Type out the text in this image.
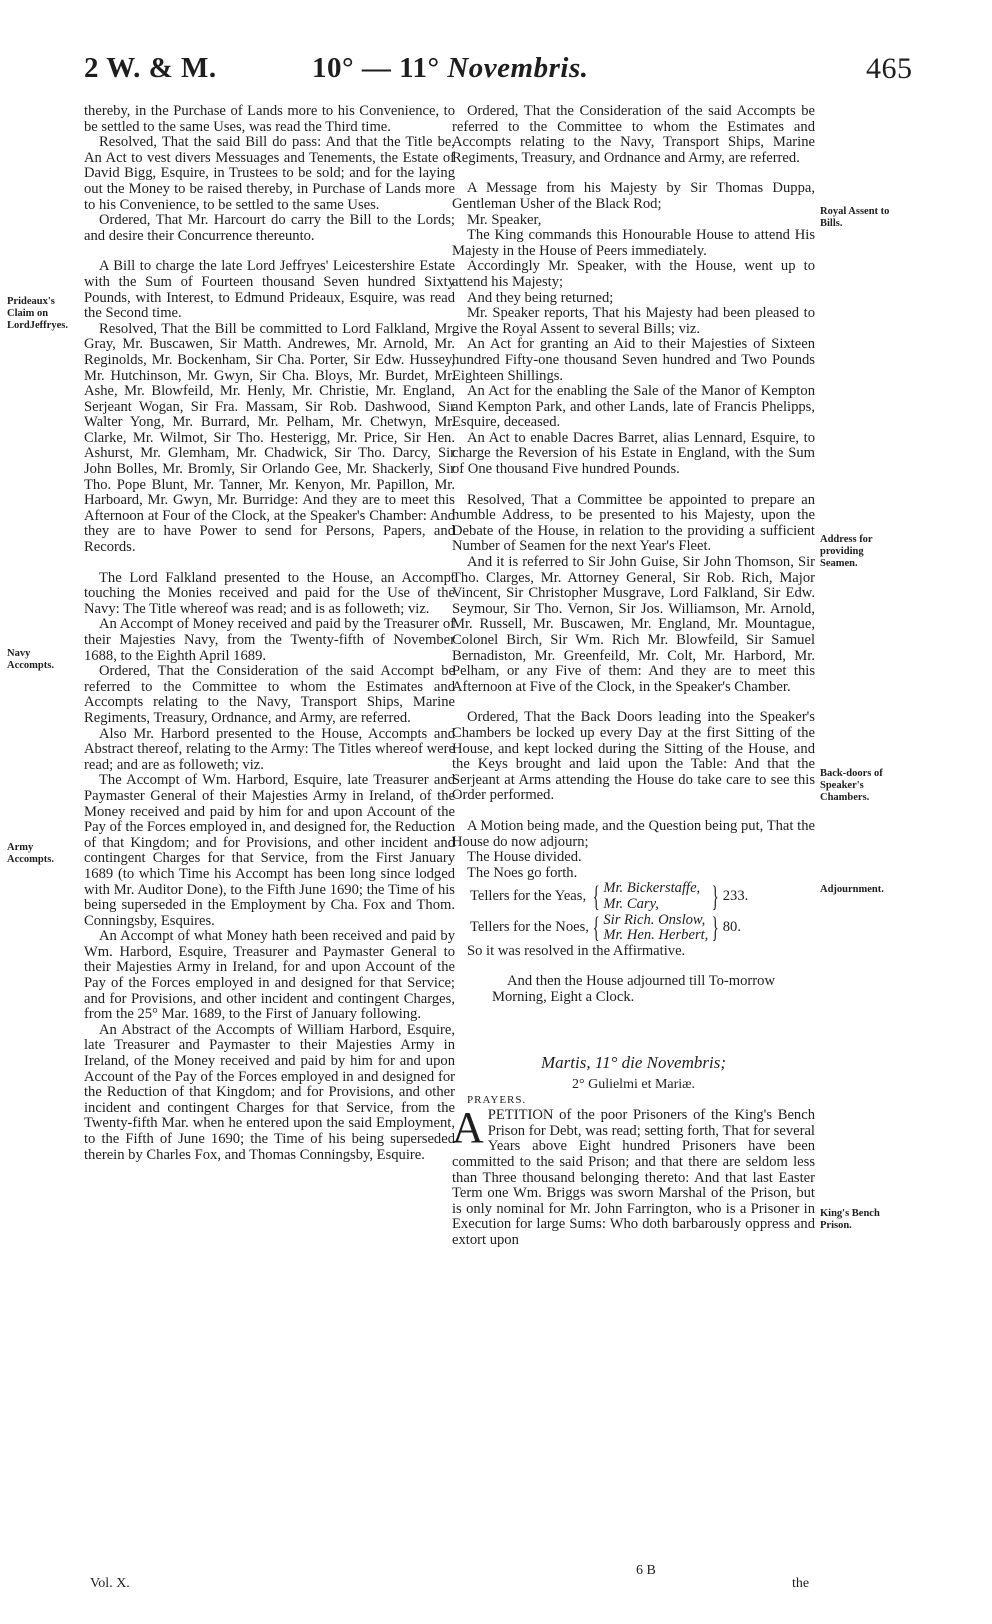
2 W. & M.	10° — 11° Novembris.	465
Prideaux's Claim on LordJeffryes.
Navy Accompts.
Army Accompts.
Royal Assent to Bills.
Address for providing Seamen.
Back-doors of Speaker's Chambers.
Adjournment.
King's Bench Prison.

thereby, in the Purchase of Lands more to his Convenience, to be settled to the same Uses, was read the Third time.

Resolved, That the said Bill do pass: And that the Title be, An Act to vest divers Messuages and Tenements, the Estate of David Bigg, Esquire, in Trustees to be sold; and for the laying out the Money to be raised thereby, in Purchase of Lands more to his Convenience, to be settled to the same Uses.

Ordered, That Mr. Harcourt do carry the Bill to the Lords; and desire their Concurrence thereunto.

A Bill to charge the late Lord Jeffryes' Leicestershire Estate with the Sum of Fourteen thousand Seven hundred Sixty Pounds, with Interest, to Edmund Prideaux, Esquire, was read the Second time.

Resolved, That the Bill be committed to Lord Falkland, Mr. Gray, Mr. Buscawen, Sir Matth. Andrewes, Mr. Arnold, Mr. Reginolds, Mr. Bockenham, Sir Cha. Porter, Sir Edw. Hussey, Mr. Hutchinson, Mr. Gwyn, Sir Cha. Bloys, Mr. Burdet, Mr. Ashe, Mr. Blowfeild, Mr. Henly, Mr. Christie, Mr. England, Serjeant Wogan, Sir Fra. Massam, Sir Rob. Dashwood, Sir Walter Yong, Mr. Burrard, Mr. Pelham, Mr. Chetwyn, Mr. Clarke, Mr. Wilmot, Sir Tho. Hesterigg, Mr. Price, Sir Hen. Ashurst, Mr. Glemham, Mr. Chadwick, Sir Tho. Darcy, Sir John Bolles, Mr. Bromly, Sir Orlando Gee, Mr. Shackerly, Sir Tho. Pope Blunt, Mr. Tanner, Mr. Kenyon, Mr. Papillon, Mr. Harboard, Mr. Gwyn, Mr. Burridge: And they are to meet this Afternoon at Four of the Clock, at the Speaker's Chamber: And they are to have Power to send for Persons, Papers, and Records.

The Lord Falkland presented to the House, an Accompt touching the Monies received and paid for the Use of the Navy: The Title whereof was read; and is as followeth; viz.

An Accompt of Money received and paid by the Treasurer of their Majesties Navy, from the Twenty-fifth of November 1688, to the Eighth April 1689.

Ordered, That the Consideration of the said Accompt be referred to the Committee to whom the Estimates and Accompts relating to the Navy, Transport Ships, Marine Regiments, Treasury, Ordnance, and Army, are referred.

Also Mr. Harbord presented to the House, Accompts and Abstract thereof, relating to the Army: The Titles whereof were read; and are as followeth; viz.

The Accompt of Wm. Harbord, Esquire, late Treasurer and Paymaster General of their Majesties Army in Ireland, of the Money received and paid by him for and upon Account of the Pay of the Forces employed in, and designed for, the Reduction of that Kingdom; and for Provisions, and other incident and contingent Charges for that Service, from the First January 1689 (to which Time his Accompt has been long since lodged with Mr. Auditor Done), to the Fifth June 1690; the Time of his being superseded in the Employment by Cha. Fox and Thom. Conningsby, Esquires.

An Accompt of what Money hath been received and paid by Wm. Harbord, Esquire, Treasurer and Paymaster General to their Majesties Army in Ireland, for and upon Account of the Pay of the Forces employed in and designed for that Service; and for Provisions, and other incident and contingent Charges, from the 25° Mar. 1689, to the First of January following.

An Abstract of the Accompts of William Harbord, Esquire, late Treasurer and Paymaster to their Majesties Army in Ireland, of the Money received and paid by him for and upon Account of the Pay of the Forces employed in and designed for the Reduction of that Kingdom; and for Provisions, and other incident and contingent Charges for that Service, from the Twenty-fifth Mar. when he entered upon the said Employment, to the Fifth of June 1690; the Time of his being superseded therein by Charles Fox, and Thomas Conningsby, Esquire.

Ordered, That the Consideration of the said Accompts be referred to the Committee to whom the Estimates and Accompts relating to the Navy, Transport Ships, Marine Regiments, Treasury, and Ordnance and Army, are referred.

A Message from his Majesty by Sir Thomas Duppa, Gentleman Usher of the Black Rod;

Mr. Speaker,

The King commands this Honourable House to attend His Majesty in the House of Peers immediately.

Accordingly Mr. Speaker, with the House, went up to attend his Majesty;

And they being returned;

Mr. Speaker reports, That his Majesty had been pleased to give the Royal Assent to several Bills; viz.

An Act for granting an Aid to their Majesties of Sixteen hundred Fifty-one thousand Seven hundred and Two Pounds Eighteen Shillings.

An Act for the enabling the Sale of the Manor of Kempton and Kempton Park, and other Lands, late of Francis Phelipps, Esquire, deceased.

An Act to enable Dacres Barret, alias Lennard, Esquire, to charge the Reversion of his Estate in England, with the Sum of One thousand Five hundred Pounds.

Resolved, That a Committee be appointed to prepare an humble Address, to be presented to his Majesty, upon the Debate of the House, in relation to the providing a sufficient Number of Seamen for the next Year's Fleet.

And it is referred to Sir John Guise, Sir John Thomson, Sir Tho. Clarges, Mr. Attorney General, Sir Rob. Rich, Major Vincent, Sir Christopher Musgrave, Lord Falkland, Sir Edw. Seymour, Sir Tho. Vernon, Sir Jos. Williamson, Mr. Arnold, Mr. Russell, Mr. Buscawen, Mr. England, Mr. Mountague, Colonel Birch, Sir Wm. Rich Mr. Blowfeild, Sir Samuel Bernadiston, Mr. Greenfeild, Mr. Colt, Mr. Harbord, Mr. Pelham, or any Five of them: And they are to meet this Afternoon at Five of the Clock, in the Speaker's Chamber.

Ordered, That the Back Doors leading into the Speaker's Chambers be locked up every Day at the first Sitting of the House, and kept locked during the Sitting of the House, and the Keys brought and laid upon the Table: And that the Serjeant at Arms attending the House do take care to see this Order performed.

A Motion being made, and the Question being put, That the House do now adjourn;

The House divided.

The Noes go forth.

Tellers for the Yeas,	{	Mr. Bickerstaffe,	}	233.
		Mr. Cary,		
Tellers for the Noes,	{	Sir Rich. Onslow,	}	80.
		Mr. Hen. Herbert,		

So it was resolved in the Affirmative.

And then the House adjourned till To-morrow Morning, Eight a Clock.

Martis, 11° die Novembris;
2° Gulielmi et Mariæ.

PRAYERS.

APETITION of the poor Prisoners of the King's Bench Prison for Debt, was read; setting forth, That for several Years above Eight hundred Prisoners have been committed to the said Prison; and that there are seldom less than Three thousand belonging thereto: And that last Easter Term one Wm. Briggs was sworn Marshal of the Prison, but is only nominal for Mr. John Farrington, who is a Prisoner in Execution for large Sums: Who doth barbarously oppress and extort upon

Vol. X.
6 B
the
